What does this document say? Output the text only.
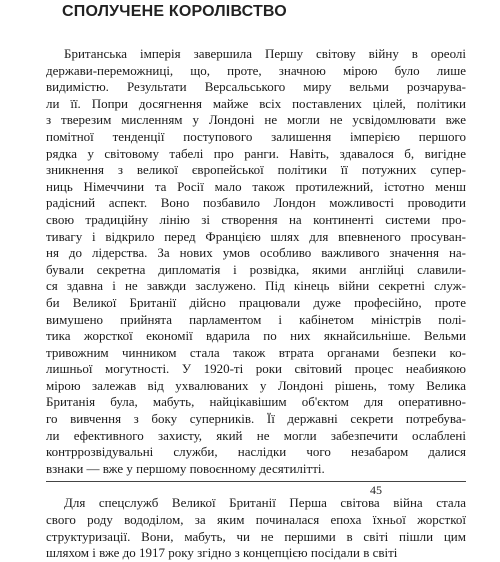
СПОЛУЧЕНЕ КОРОЛІВСТВО
Британська імперія завершила Першу світову війну в ореолі
держави-переможниці, що, проте, значною мірою було лише
видимістю. Результати Версальського миру вельми розчарува-
ли її. Попри досягнення майже всіх поставлених цілей, політики
з тверезим мисленням у Лондоні не могли не усвідомлювати вже
помітної тенденції поступового залишення імперією першого
рядка у світовому табелі про ранги. Навіть, здавалося б, вигідне
зникнення з великої європейської політики її потужних супер-
ниць Німеччини та Росії мало також протилежний, істотно менш
радісний аспект. Воно позбавило Лондон можливості проводити
свою традиційну лінію зі створення на континенті системи про-
тивагу і відкрило перед Францією шлях для впевненого просуван-
ня до лідерства. За нових умов особливо важливого значення на-
бували секретна дипломатія і розвідка, якими англійці славили-
ся здавна і не завжди заслужено. Під кінець війни секретні служ-
би Великої Британії дійсно працювали дуже професійно, проте
вимушено прийнята парламентом і кабінетом міністрів полі-
тика жорсткої економії вдарила по них якнайсильніше. Вельми
тривожним чинником стала також втрата органами безпеки ко-
лишньої могутності. У 1920-ті роки світовий процес неабиякою
мірою залежав від ухвалюваних у Лондоні рішень, тому Велика
Британія була, мабуть, найцікавішим об'єктом для оперативно-
го вивчення з боку суперників. Її державні секрети потребува-
ли ефективного захисту, який не могли забезпечити ослаблені
контррозвідувальні служби, наслідки чого незабаром далися
взнаки — вже у першому повоєнному десятилітті.
Для спецслужб Великої Британії Перша світова війна стала
свого роду вододілом, за яким починалася епоха їхньої жорсткої
структуризації. Вони, мабуть, чи не першими в світі пішли цим
шляхом і вже до 1917 року згідно з концепцією посідали в світі
45
